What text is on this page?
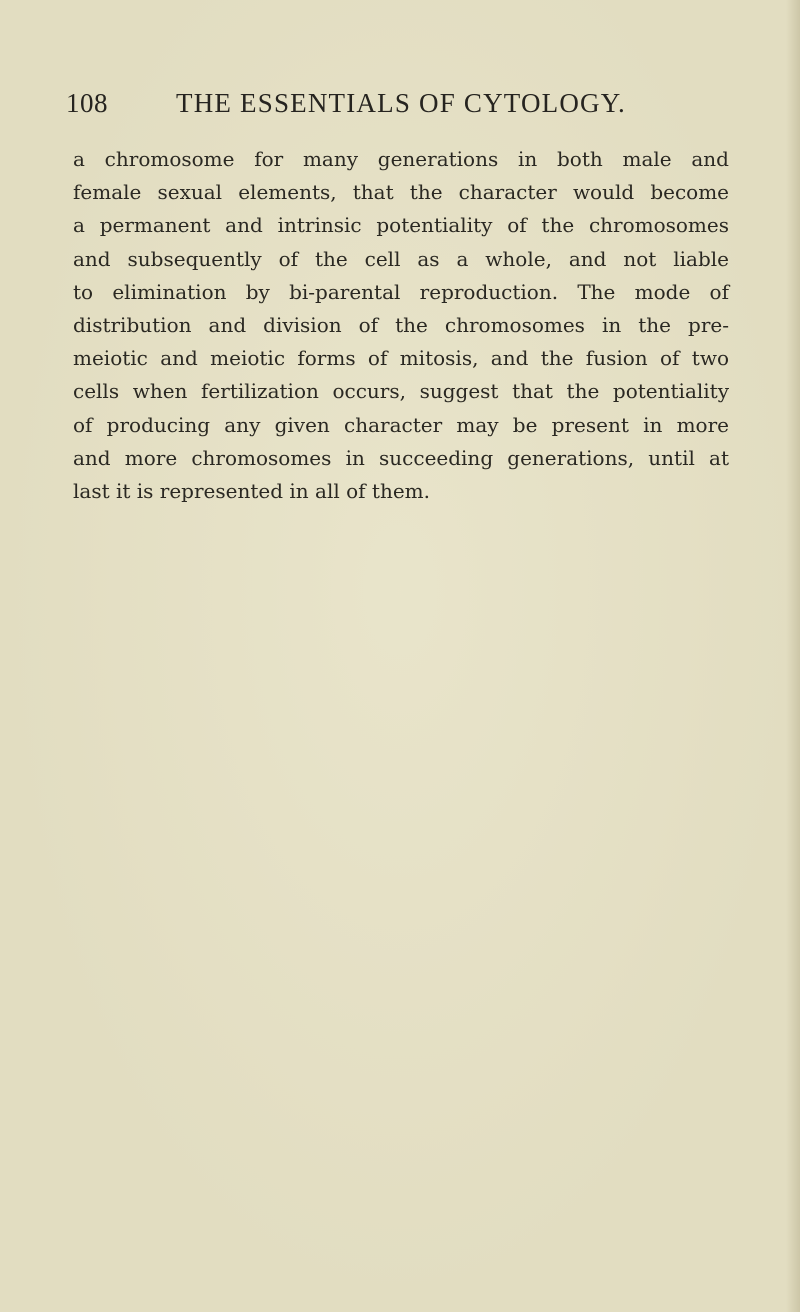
108	THE ESSENTIALS OF CYTOLOGY.
a chromosome for many generations in both male and
female sexual elements, that the character would become
a permanent and intrinsic potentiality of the chromosomes
and subsequently of the cell as a whole, and not liable
to elimination by bi-parental reproduction. The mode of
distribution and division of the chromosomes in the pre-
meiotic and meiotic forms of mitosis, and the fusion of two
cells when fertilization occurs, suggest that the potentiality
of producing any given character may be present in more
and more chromosomes in succeeding generations, until at
last it is represented in all of them.
